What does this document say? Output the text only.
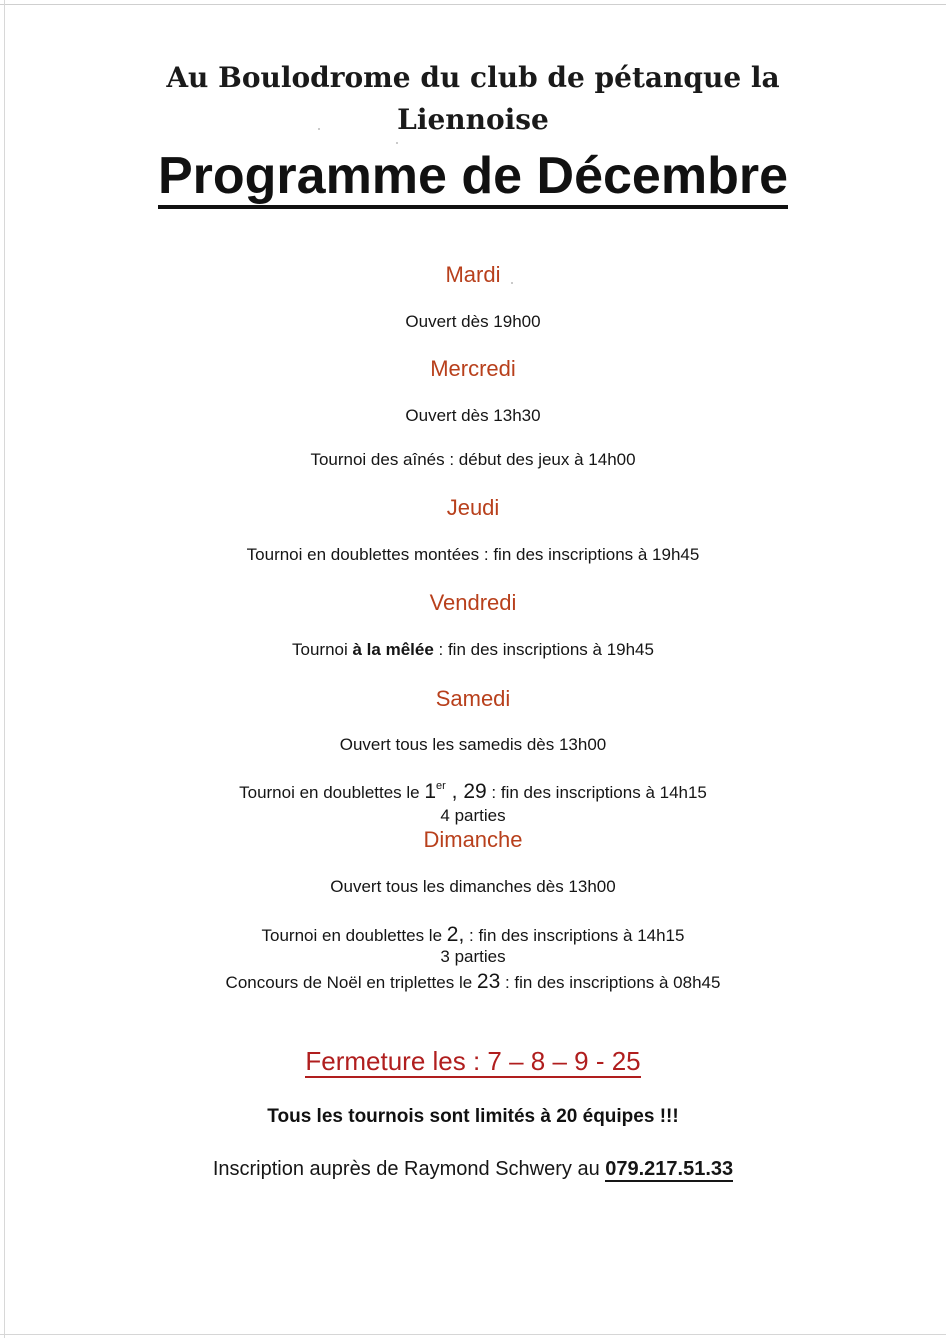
Au Boulodrome du club de pétanque la
Liennoise
Programme de Décembre
Mardi
Ouvert dès 19h00
Mercredi
Ouvert dès 13h30
Tournoi des aînés : début des jeux à 14h00
Jeudi
Tournoi en doublettes montées : fin des inscriptions à 19h45
Vendredi
Tournoi à la mêlée : fin des inscriptions à 19h45
Samedi
Ouvert tous les samedis dès 13h00
Tournoi en doublettes le 1er , 29 : fin des inscriptions à 14h15
4 parties
Dimanche
Ouvert tous les dimanches dès 13h00
Tournoi en doublettes le 2, : fin des inscriptions à 14h15
3 parties
Concours de Noël en triplettes le 23 : fin des inscriptions à 08h45
Fermeture les : 7 – 8 – 9 - 25
Tous les tournois sont limités à 20 équipes !!!
Inscription auprès de Raymond Schwery au 079.217.51.33
